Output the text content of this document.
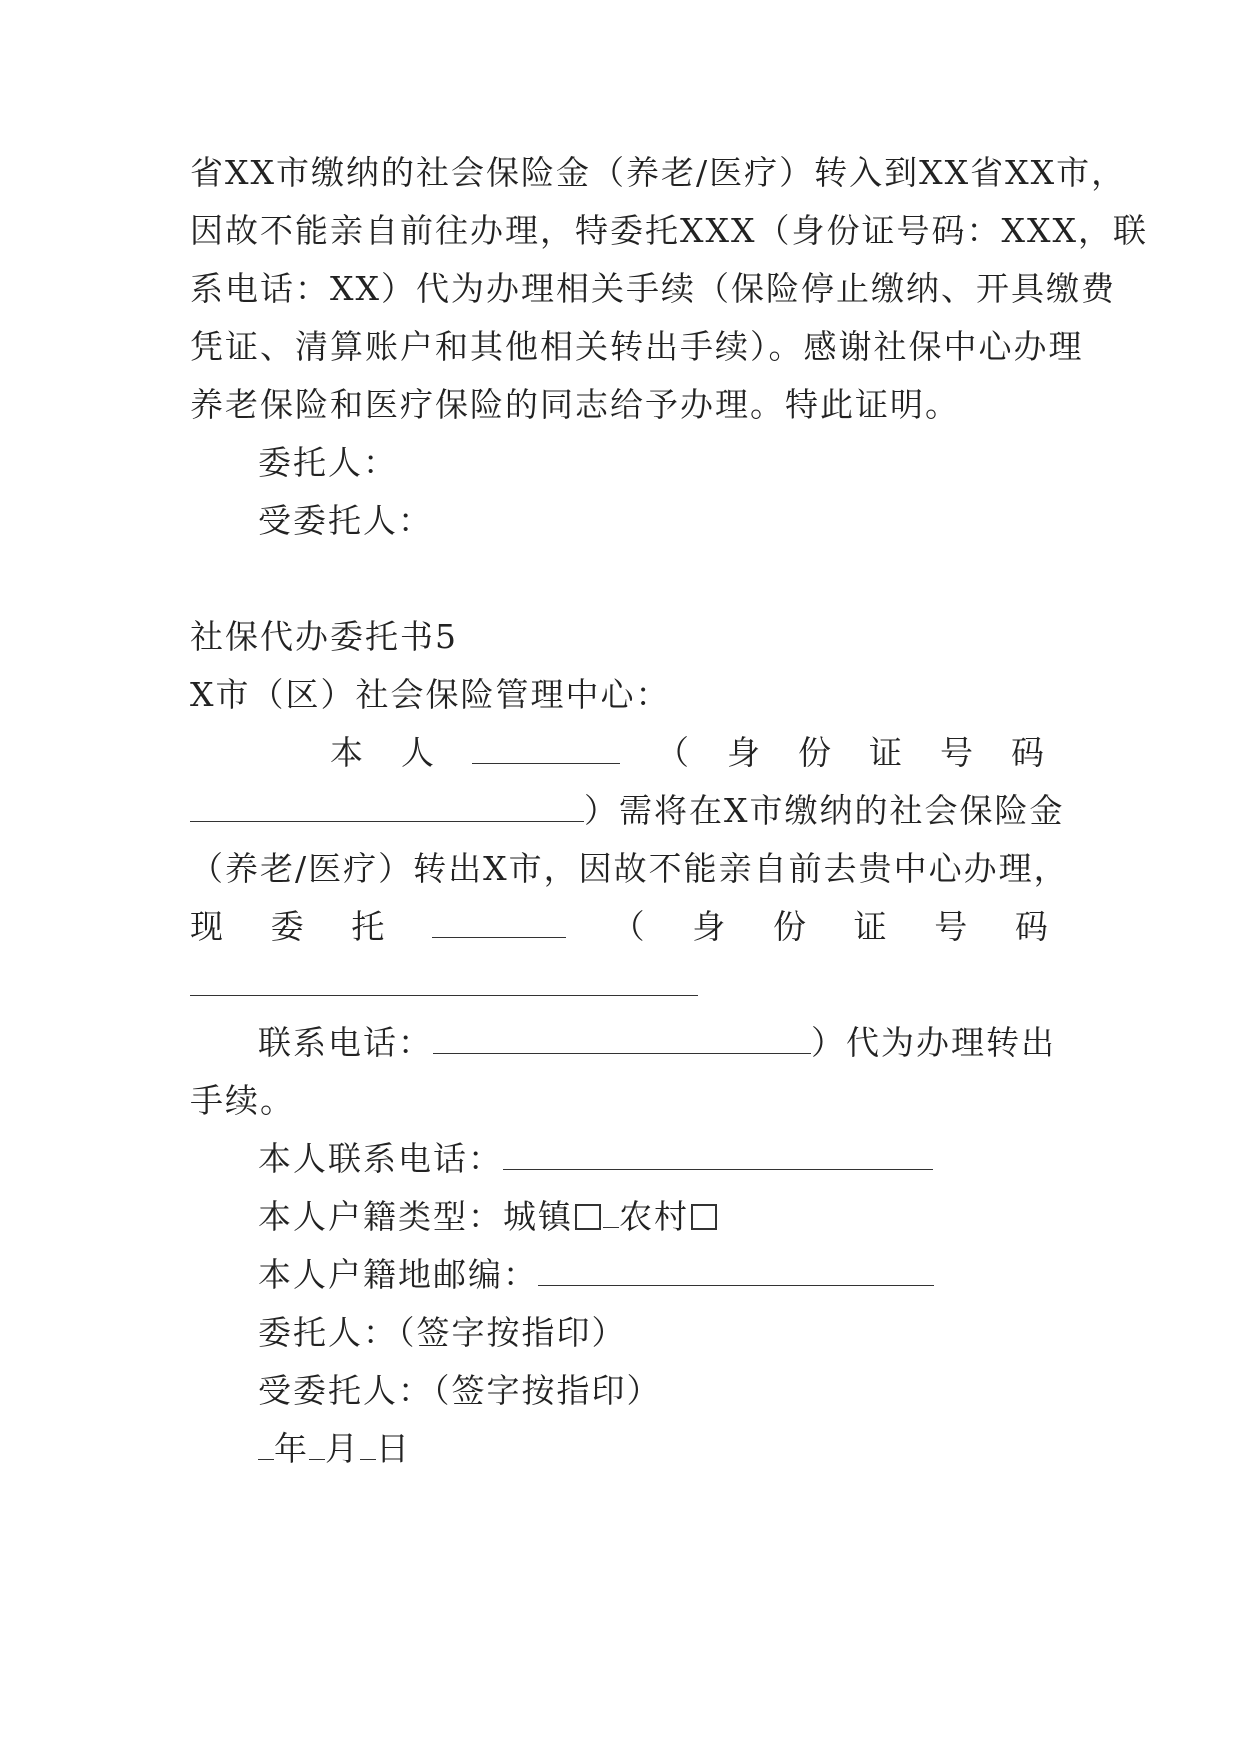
省XX市缴纳的社会保险金（养老/医疗）转入到XX省XX市，
因故不能亲自前往办理，特委托XXX（身份证号码：XXX，联
系电话：XX）代为办理相关手续（保险停止缴纳、开具缴费
凭证、清算账户和其他相关转出手续）。感谢社保中心办理
养老保险和医疗保险的同志给予办理。特此证明。
委托人：
受委托人：
社保代办委托书5
X市（区）社会保险管理中心：
本 人	（ 身 份 证 号 码
）需将在X市缴纳的社会保险金
（养老/医疗）转出X市，因故不能亲自前去贵中心办理，
现 委 托	（ 身 份 证 号 码
联系电话：	）代为办理转出
手续。
本人联系电话：
本人户籍类型：城镇 农村
本人户籍地邮编：
委托人：（签字按指印）
受委托人：（签字按指印）
年 月 日
